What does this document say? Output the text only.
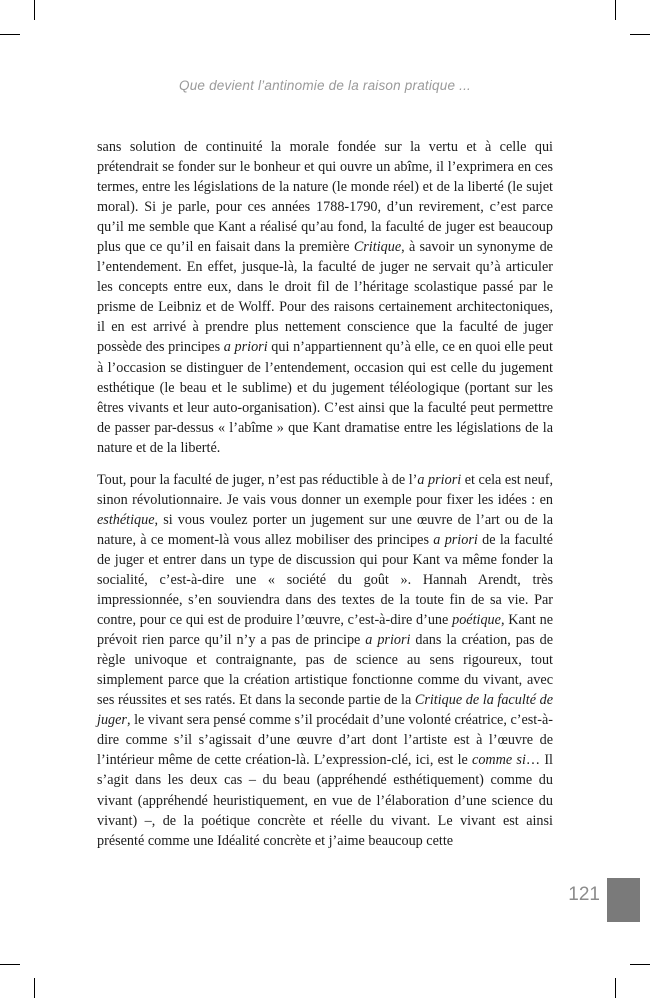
Que devient l’antinomie de la raison pratique ...

sans solution de continuité la morale fondée sur la vertu et à celle qui prétendrait se fonder sur le bonheur et qui ouvre un abîme, il l’exprimera en ces termes, entre les législations de la nature (le monde réel) et de la liberté (le sujet moral). Si je parle, pour ces années 1788-1790, d’un revirement, c’est parce qu’il me semble que Kant a réalisé qu’au fond, la faculté de juger est beaucoup plus que ce qu’il en faisait dans la première Critique, à savoir un synonyme de l’entendement. En effet, jusque-là, la faculté de juger ne servait qu’à articuler les concepts entre eux, dans le droit fil de l’héritage scolastique passé par le prisme de Leibniz et de Wolff. Pour des raisons certainement architectoniques, il en est arrivé à prendre plus nettement conscience que la faculté de juger possède des principes a priori qui n’appartiennent qu’à elle, ce en quoi elle peut à l’occasion se distinguer de l’entendement, occasion qui est celle du jugement esthétique (le beau et le sublime) et du jugement téléologique (portant sur les êtres vivants et leur auto-organisation). C’est ainsi que la faculté peut permettre de passer par-dessus « l’abîme » que Kant dramatise entre les législations de la nature et de la liberté.

Tout, pour la faculté de juger, n’est pas réductible à de l’a priori et cela est neuf, sinon révolutionnaire. Je vais vous donner un exemple pour fixer les idées : en esthétique, si vous voulez porter un jugement sur une œuvre de l’art ou de la nature, à ce moment-là vous allez mobiliser des principes a priori de la faculté de juger et entrer dans un type de discussion qui pour Kant va même fonder la socialité, c’est-à-dire une « société du goût ». Hannah Arendt, très impressionnée, s’en souviendra dans des textes de la toute fin de sa vie. Par contre, pour ce qui est de produire l’œuvre, c’est-à-dire d’une poétique, Kant ne prévoit rien parce qu’il n’y a pas de principe a priori dans la création, pas de règle univoque et contraignante, pas de science au sens rigoureux, tout simplement parce que la création artistique fonctionne comme du vivant, avec ses réussites et ses ratés. Et dans la seconde partie de la Critique de la faculté de juger, le vivant sera pensé comme s’il procédait d’une volonté créatrice, c’est-à-dire comme s’il s’agissait d’une œuvre d’art dont l’artiste est à l’œuvre de l’intérieur même de cette création-là. L’expression-clé, ici, est le comme si… Il s’agit dans les deux cas – du beau (appréhendé esthétiquement) comme du vivant (appréhendé heuristiquement, en vue de l’élaboration d’une science du vivant) –, de la poétique concrète et réelle du vivant. Le vivant est ainsi présenté comme une Idéalité concrète et j’aime beaucoup cette

121
